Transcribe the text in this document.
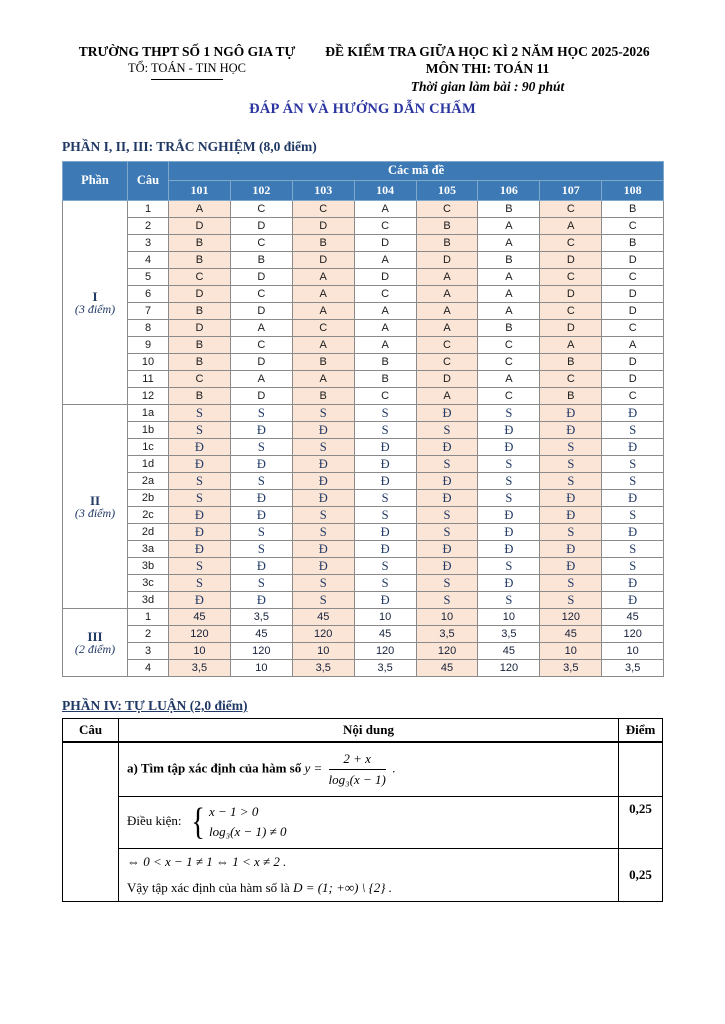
TRƯỜNG THPT SỐ 1 NGÔ GIA TỰ
TỔ: TOÁN - TIN HỌC
ĐỀ KIỂM TRA GIỮA HỌC KÌ 2 NĂM HỌC 2025-2026
MÔN THI: TOÁN 11
Thời gian làm bài : 90 phút
ĐÁP ÁN VÀ HƯỚNG DẪN CHẤM
PHẦN I, II, III: TRẮC NGHIỆM (8,0 điểm)
Phần	Câu	Các mã đề							
		101	102	103	104	105	106	107	108

I
(3 điểm)	1	A	C	C	A	C	B	C	B
	2	D	D	D	C	B	A	A	C
	3	B	C	B	D	B	A	C	B
	4	B	B	D	A	D	B	D	D
	5	C	D	A	D	A	A	C	C
	6	D	C	A	C	A	A	D	D
	7	B	D	A	A	A	A	C	D
	8	D	A	C	A	A	B	D	C
	9	B	C	A	A	C	C	A	A
	10	B	D	B	B	C	C	B	D
	11	C	A	A	B	D	A	C	D
	12	B	D	B	C	A	C	B	C

II
(3 điểm)	1a	S	S	S	S	Đ	S	Đ	Đ
	1b	S	Đ	Đ	S	S	Đ	Đ	S
	1c	Đ	S	S	Đ	Đ	Đ	S	Đ
	1d	Đ	Đ	Đ	Đ	S	S	S	S
	2a	S	S	Đ	Đ	Đ	S	S	S
	2b	S	Đ	Đ	S	Đ	S	Đ	Đ
	2c	Đ	Đ	S	S	S	Đ	Đ	S
	2d	Đ	S	S	Đ	S	Đ	S	Đ
	3a	Đ	S	Đ	Đ	Đ	Đ	Đ	S
	3b	S	Đ	Đ	S	Đ	S	Đ	S
	3c	S	S	S	S	S	Đ	S	Đ
	3d	Đ	Đ	S	Đ	S	S	S	Đ

III
(2 điểm)	1	45	3,5	45	10	10	10	120	45
	2	120	45	120	45	3,5	3,5	45	120
	3	10	120	10	120	120	45	10	10
	4	3,5	10	3,5	3,5	45	120	3,5	3,5
PHẦN IV: TỰ LUẬN (2,0 điểm)
Câu	Nội dung	Điểm
	a) Tìm tập xác định của hàm số $y = \frac{2 + x}{\text{log₃(x − 1)}}$ .	
	Điều kiện: { x − 1 > 0
log₃(x − 1) ≠ 0	0,25

	⇔ 0 < x − 1 ≠ 1 ⇔ 1 < x ≠ 2 .
Vậy tập xác định của hàm số là D = (1; +∞) \ {2} .	0,25
